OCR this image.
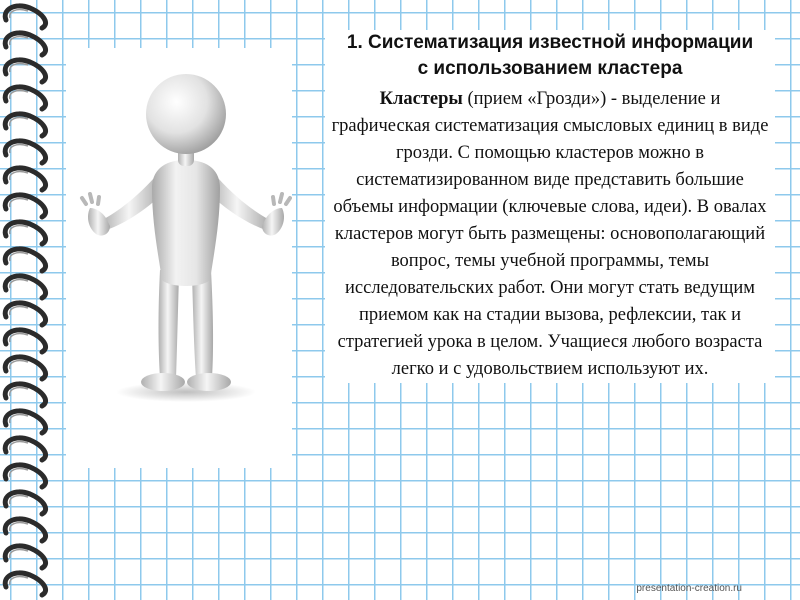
1. Систематизация известной информации с использованием кластера

Кластеры (прием «Грозди») - выделение и графическая систематизация смысловых единиц в виде грозди. С помощью кластеров можно в систематизированном виде представить большие объемы информации (ключевые слова, идеи). В овалах кластеров могут быть размещены: основополагающий вопрос, темы учебной программы, темы исследовательских работ. Они могут стать ведущим приемом как на стадии вызова, рефлексии, так и стратегией урока в целом. Учащиеся любого возраста легко и с удовольствием используют их.

presentation-creation.ru
